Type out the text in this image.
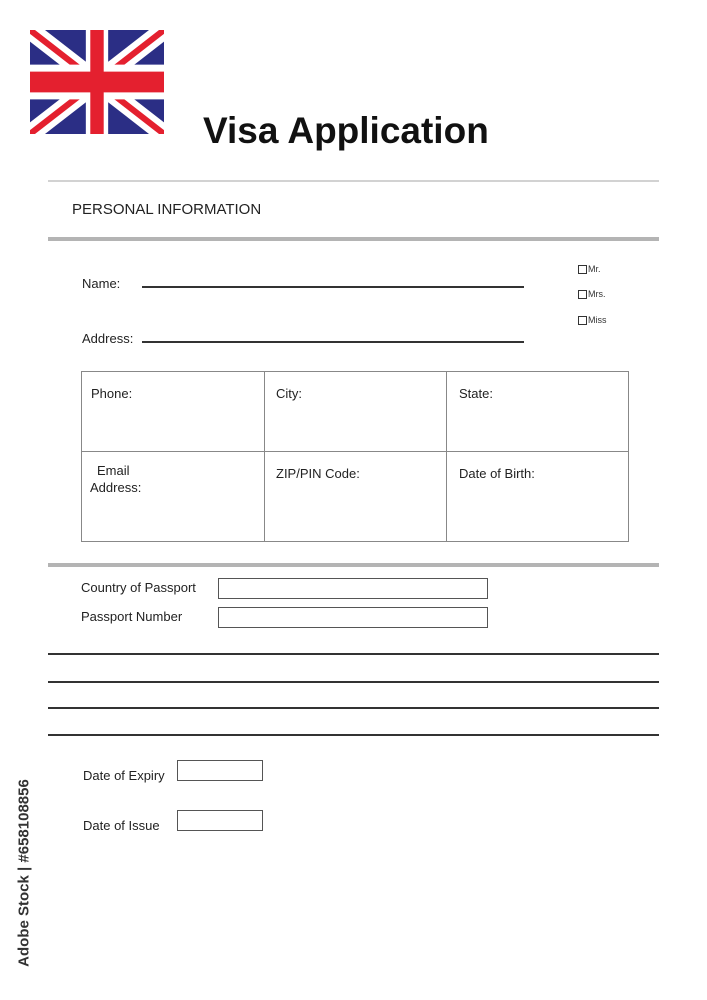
Visa Application
PERSONAL INFORMATION
Name:
Address:
Mr.
Mrs.
Miss
Phone:	City:	State:

Email
Address:	ZIP/PIN Code:	Date of Birth:
Country of Passport
Passport Number
Date of Expiry
Date of Issue
Adobe Stock | #658108856
